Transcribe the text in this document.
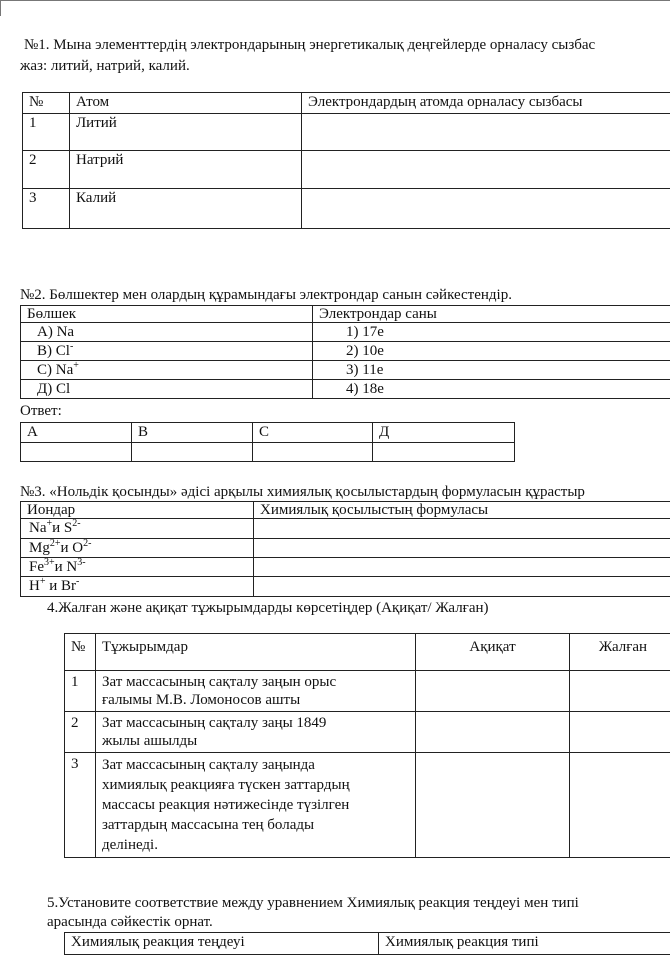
№1. Мына элементтердің электрондарының энергетикалық деңгейлерде орналасу сызбас
жаз: литий, натрий, калий.
№	Атом	Электрондардың атомда орналасу сызбасы
1	Литий	
2	Натрий	
3	Калий	
№2. Бөлшектер мен олардың құрамындағы электрондар санын сәйкестендір.
Бөлшек	Электрондар саны
А) Na	1) 17е
В) Cl-	2) 10е
С) Na+	3) 11е
Д) Cl	4) 18е
Ответ:
А	В	С	Д

№3. «Нольдік қосынды» әдісі арқылы химиялық қосылыстардың формуласын құрастыр
Иондар	Химиялық қосылыстың формуласы
Na+и $S^{2-}$	
$Mg^{2+}и$ $O^{2-}$	
$Fe^{3+}и$ $N^{3-}$	
H+ и Br-	
4.Жалған және ақиқат тұжырымдарды көрсетіңдер (Ақиқат/ Жалған)
№	Тұжырымдар	Ақиқат	Жалған
1	Зат массасының сақталу заңын орыс
ғалымы М.В. Ломоносов ашты		

2	Зат массасының сақталу заңы 1849
жылы ашылды		

3	Зат массасының сақталу заңында
химиялық реакцияға түскен заттардың
массасы реакция нәтижесінде түзілген
заттардың массасына тең болады
делінеді.		

5.Установите соответствие между уравнением Химиялық реакция теңдеуі мен типі
арасында сәйкестік орнат.
Химиялық реакция теңдеуі	Химиялық реакция типі
